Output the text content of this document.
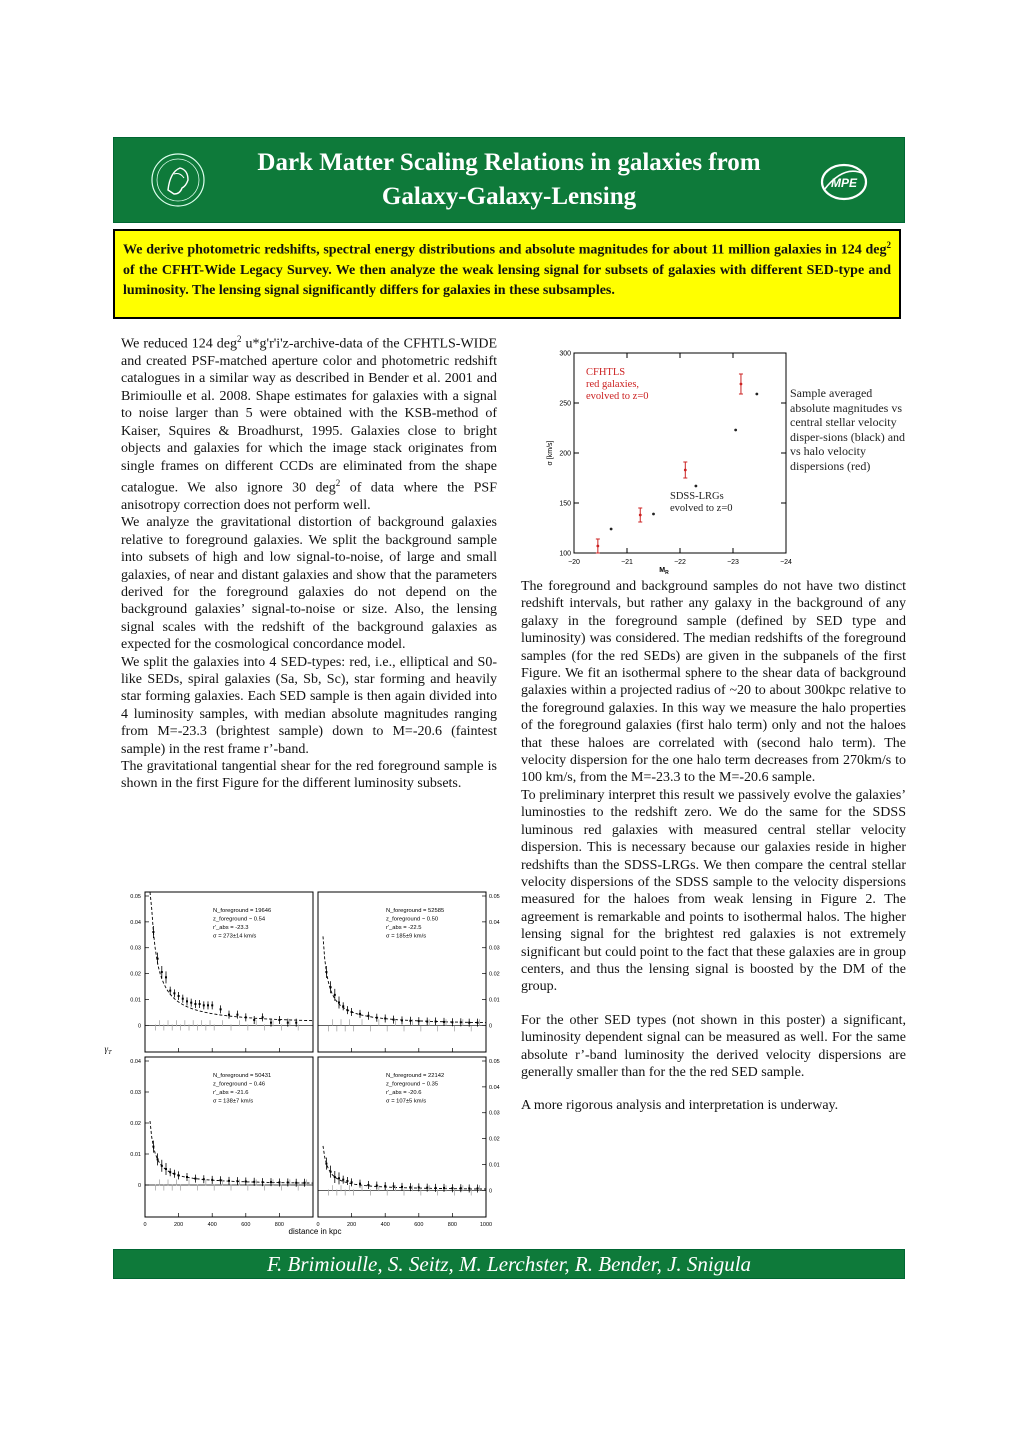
Dark Matter Scaling Relations in galaxies from
Galaxy-Galaxy-Lensing	MPE
We derive photometric redshifts, spectral energy distributions and absolute magnitudes for about 11 million galaxies in 124 deg$^2$ of the CFHT-Wide Legacy Survey. We then analyze the weak lensing signal for subsets of galaxies with different SED-type and luminosity. The lensing signal significantly differs for galaxies in these subsamples.

We reduced 124 deg$^2$ u*g'r'i'z-archive-data of the CFHTLS-WIDE and created PSF-matched aperture color and photometric redshift catalogues in a similar way as described in Bender et al. 2001 and Brimioulle et al. 2008. Shape estimates for galaxies with a signal to noise larger than 5 were obtained with the KSB-method of Kaiser, Squires & Broadhurst, 1995. Galaxies close to bright objects and galaxies for which the image stack originates from single frames on different CCDs are eliminated from the shape catalogue. We also ignore 30 deg$^2$ of data where the PSF anisotropy correction does not perform well.

We analyze the gravitational distortion of background galaxies relative to foreground galaxies. We split the background sample into subsets of high and low signal-to-noise, of large and small galaxies, of near and distant galaxies and show that the parameters derived for the foreground galaxies do not depend on the background galaxies’ signal-to-noise or size. Also, the lensing signal scales with the redshift of the background galaxies as expected for the cosmological concordance model.

We split the galaxies into 4 SED-types: red, i.e., elliptical and S0-like SEDs, spiral galaxies (Sa, Sb, Sc), star forming and heavily star forming galaxies. Each SED sample is then again divided into 4 luminosity samples, with median absolute magnitudes ranging from M=-23.3 (brightest sample) down to M=-20.6 (faintest sample) in the rest frame r’-band.

The gravitational tangential shear for the red foreground sample is shown in the first Figure for the different luminosity subsets.

−20	−21	−22	−23	−24
100
150
200
250
300
$M_R$
σ [km/s]
CFHTLS
red galaxies,
evolved to z=0
SDSS-LRGs
evolved to z=0
Sample averaged absolute magnitudes vs central stellar velocity disper-sions (black) and vs halo velocity dispersions (red)

The foreground and background samples do not have two distinct redshift intervals, but rather any galaxy in the background of any galaxy in the foreground sample (defined by SED type and luminosity) was considered. The median redshifts of the foreground samples (for the red SEDs) are given in the subpanels of the first Figure. We fit an isothermal sphere to the shear data of background galaxies within a projected radius of ~20 to about 300kpc relative to the foreground galaxies. In this way we measure the halo properties of the foreground galaxies (first halo term) only and not the haloes that these haloes are correlated with (second halo term). The velocity dispersion for the one halo term decreases from 270km/s to 100 km/s, from the M=-23.3 to the M=-20.6 sample.

To preliminary interpret this result we passively evolve the galaxies’ luminosties to the redshift zero. We do the same for the SDSS luminous red galaxies with measured central stellar velocity dispersion. This is necessary because our galaxies reside in higher redshifts than the SDSS-LRGs. We then compare the central stellar velocity dispersions of the SDSS sample to the velocity dispersions measured for the haloes from weak lensing in Figure 2. The agreement is remarkable and points to isothermal halos. The higher lensing signal for the brightest red galaxies is not extremely significant but could point to the fact that these galaxies are in group centers, and thus the lensing signal is boosted by the DM of the group.

For the other SED types (not shown in this poster) a significant, luminosity dependent signal can be measured as well. For the same absolute r’-band luminosity the derived velocity dispersions are generally smaller than for the the red SED sample.

A more rigorous analysis and interpretation is underway.

0.05
0.04
0.03
0.02
0.01
0
N_foreground = 19646
z_foreground ~ 0.54
r'_abs = -23.3
σ = 273±14 km/s
0.05
0.04
0.03
0.02
0.01
0
N_foreground = 52585
z_foreground ~ 0.50
r'_abs = -22.5
σ = 185±9 km/s
0.04
0.03
0.02
0.01
0
0	200	400	600	800
N_foreground = 50431
z_foreground ~ 0.46
r'_abs = -21.6
σ = 138±7 km/s
0.05
0.04
0.03
0.02
0.01
0
0	200	400	600	800	1000
N_foreground = 22142
z_foreground ~ 0.35
r'_abs = -20.6
σ = 107±5 km/s
$\gamma_T$
distance in kpc
F. Brimioulle, S. Seitz, M. Lerchster, R. Bender, J. Snigula
